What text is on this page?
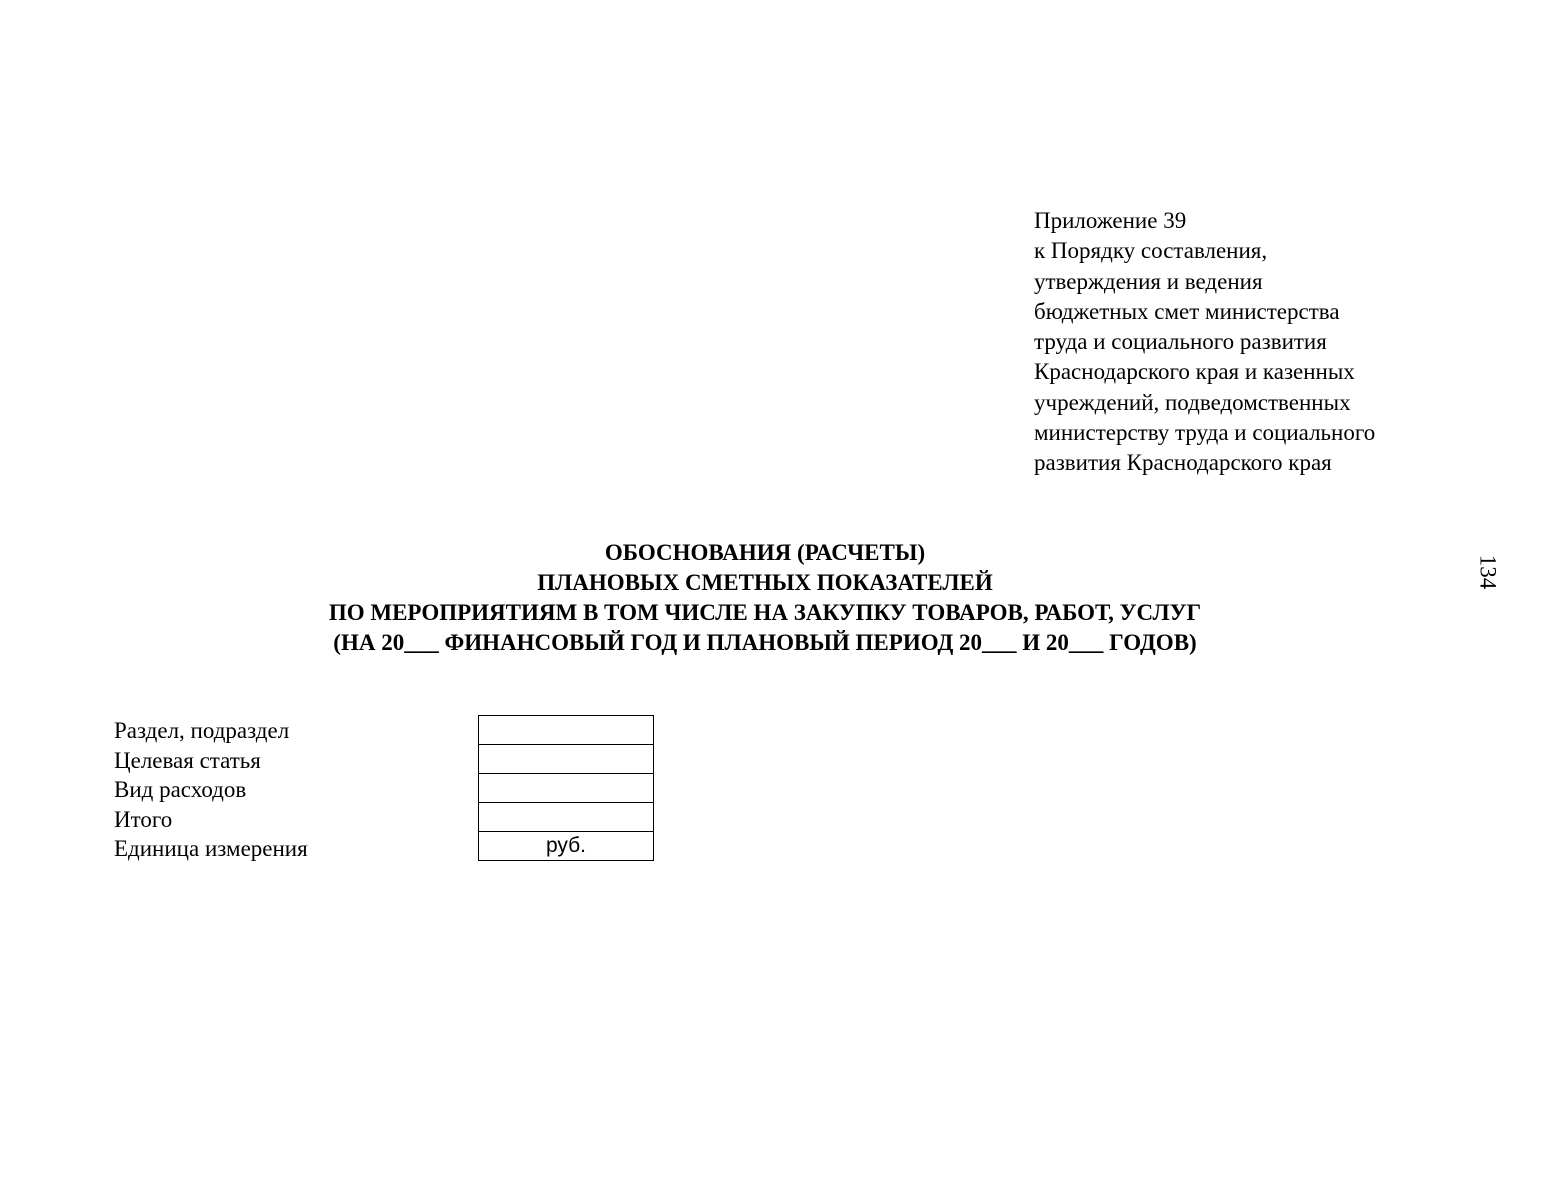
Приложение 39
к Порядку составления,
утверждения и ведения
бюджетных смет министерства
труда и социального развития
Краснодарского края и казенных
учреждений, подведомственных
министерству труда и социального
развития Краснодарского края
134
ОБОСНОВАНИЯ (РАСЧЕТЫ)
ПЛАНОВЫХ СМЕТНЫХ ПОКАЗАТЕЛЕЙ
ПО МЕРОПРИЯТИЯМ В ТОМ ЧИСЛЕ НА ЗАКУПКУ ТОВАРОВ, РАБОТ, УСЛУГ
(НА 20___ ФИНАНСОВЫЙ ГОД И ПЛАНОВЫЙ ПЕРИОД 20___ И 20___ ГОДОВ)
Раздел, подраздел
Целевая статья
Вид расходов
Итого
Единица измерения	руб.
